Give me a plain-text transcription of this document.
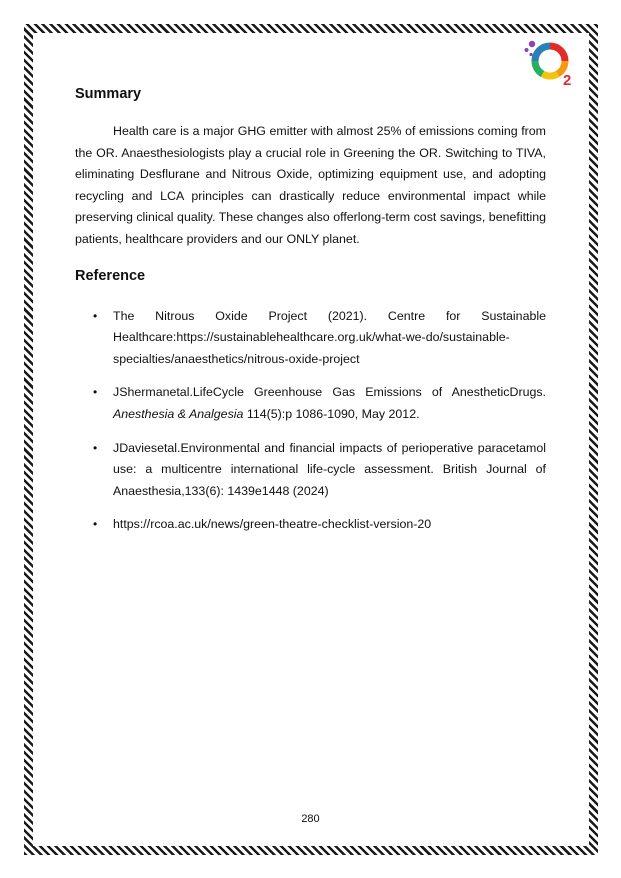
2
Summary

Health care is a major GHG emitter with almost 25% of emissions coming from the OR. Anaesthesiologists play a crucial role in Greening the OR. Switching to TIVA, eliminating Desflurane and Nitrous Oxide, optimizing equipment use, and adopting recycling and LCA principles can drastically reduce environmental impact while preserving clinical quality. These changes also offerlong-term cost savings, benefitting patients, healthcare providers and our ONLY planet.

Reference
• The Nitrous Oxide Project (2021). Centre for Sustainable Healthcare:https://sustainablehealthcare.org.uk/what-we-do/sustainable-specialties/anaesthetics/nitrous-oxide-project
• JShermanetal.LifeCycle Greenhouse Gas Emissions of AnestheticDrugs. Anesthesia & Analgesia 114(5):p 1086-1090, May 2012.
• JDaviesetal.Environmental and financial impacts of perioperative paracetamol use: a multicentre international life-cycle assessment. British Journal of Anaesthesia,133(6): 1439e1448 (2024)
• https://rcoa.ac.uk/news/green-theatre-checklist-version-20
280
